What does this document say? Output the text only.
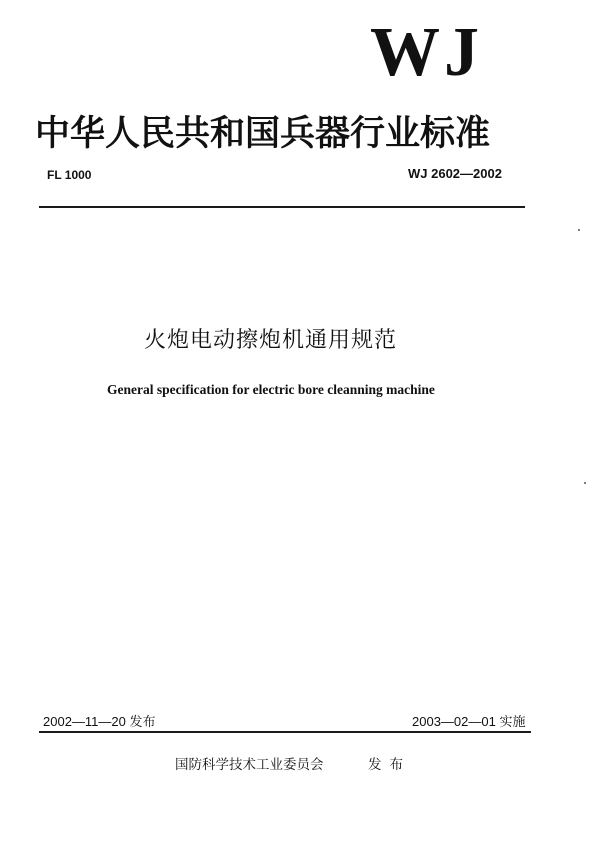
WJ
中华人民共和国兵器行业标准
FL 1000	WJ 2602—2002
火炮电动擦炮机通用规范
General specification for electric bore cleanning machine
2002—11—20 发布	2003—02—01 实施
国防科学技术工业委员会	发布
